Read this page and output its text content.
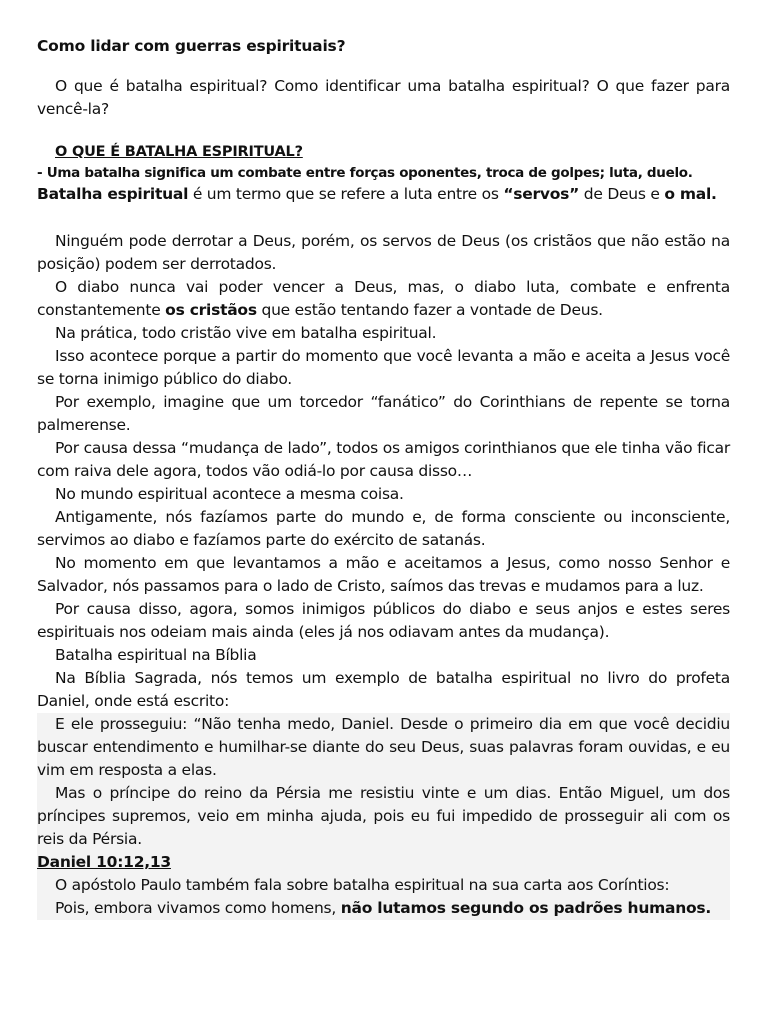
Como lidar com guerras espirituais?

O que é batalha espiritual? Como identificar uma batalha espiritual? O que fazer para vencê-la?

O QUE É BATALHA ESPIRITUAL?
- Uma batalha significa um combate entre forças oponentes, troca de golpes; luta, duelo.
Batalha espiritual é um termo que se refere a luta entre os “servos” de Deus e o mal.

Ninguém pode derrotar a Deus, porém, os servos de Deus (os cristãos que não estão na posição) podem ser derrotados.

O diabo nunca vai poder vencer a Deus, mas, o diabo luta, combate e enfrenta constantemente os cristãos que estão tentando fazer a vontade de Deus.

Na prática, todo cristão vive em batalha espiritual.

Isso acontece porque a partir do momento que você levanta a mão e aceita a Jesus você se torna inimigo público do diabo.

Por exemplo, imagine que um torcedor “fanático” do Corinthians de repente se torna palmerense.

Por causa dessa “mudança de lado”, todos os amigos corinthianos que ele tinha vão ficar com raiva dele agora, todos vão odiá-lo por causa disso…

No mundo espiritual acontece a mesma coisa.

Antigamente, nós fazíamos parte do mundo e, de forma consciente ou inconsciente, servimos ao diabo e fazíamos parte do exército de satanás.

No momento em que levantamos a mão e aceitamos a Jesus, como nosso Senhor e Salvador, nós passamos para o lado de Cristo, saímos das trevas e mudamos para a luz.

Por causa disso, agora, somos inimigos públicos do diabo e seus anjos e estes seres espirituais nos odeiam mais ainda (eles já nos odiavam antes da mudança).

Batalha espiritual na Bíblia

Na Bíblia Sagrada, nós temos um exemplo de batalha espiritual no livro do profeta Daniel, onde está escrito:

E ele prosseguiu: “Não tenha medo, Daniel. Desde o primeiro dia em que você decidiu buscar entendimento e humilhar-se diante do seu Deus, suas palavras foram ouvidas, e eu vim em resposta a elas.

Mas o príncipe do reino da Pérsia me resistiu vinte e um dias. Então Miguel, um dos príncipes supremos, veio em minha ajuda, pois eu fui impedido de prosseguir ali com os reis da Pérsia.

Daniel 10:12,13

O apóstolo Paulo também fala sobre batalha espiritual na sua carta aos Coríntios:

Pois, embora vivamos como homens, não lutamos segundo os padrões humanos.
